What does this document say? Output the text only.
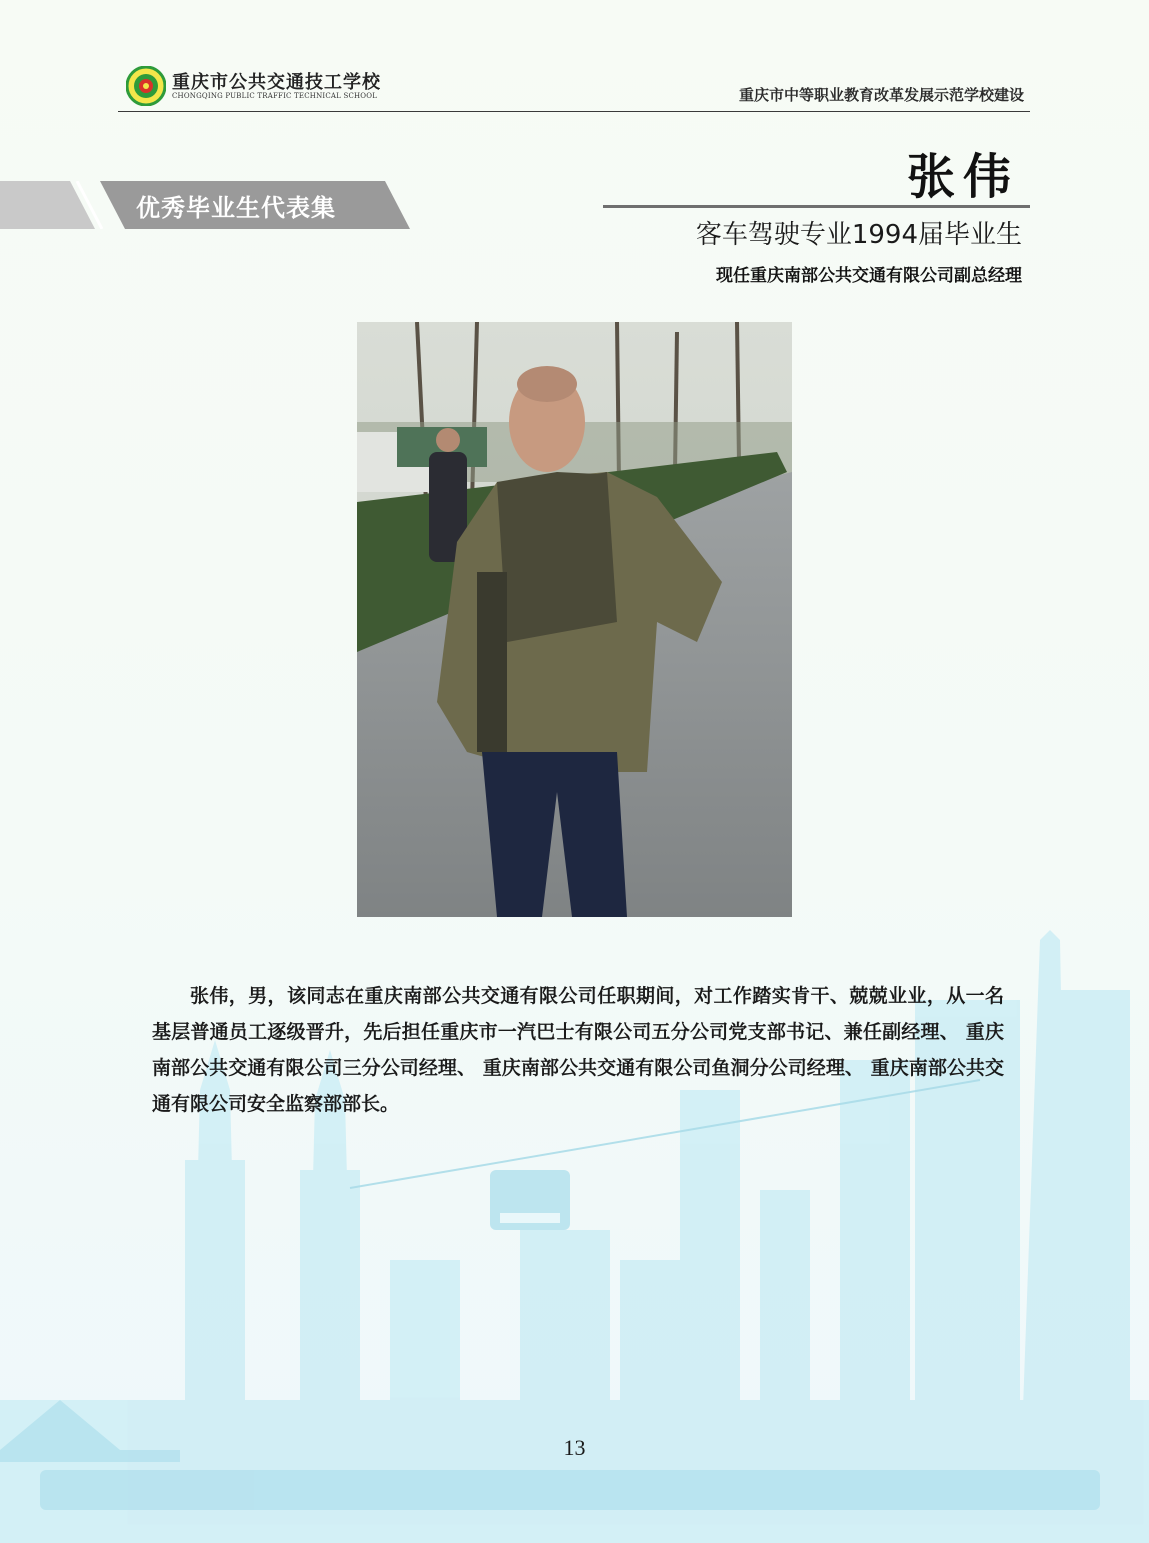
重庆市公共交通技工学校
CHONGQING PUBLIC TRAFFIC TECHNICAL SCHOOL	重庆市中等职业教育改革发展示范学校建设
优秀毕业生代表集
张伟
客车驾驶专业1994届毕业生
现任重庆南部公共交通有限公司副总经理
张伟，男，该同志在重庆南部公共交通有限公司任职期间，对工作踏实肯干、兢兢业业，从一名基层普通员工逐级晋升，先后担任重庆市一汽巴士有限公司五分公司党支部书记、兼任副经理、 重庆南部公共交通有限公司三分公司经理、 重庆南部公共交通有限公司鱼洞分公司经理、 重庆南部公共交通有限公司安全监察部部长。
13
